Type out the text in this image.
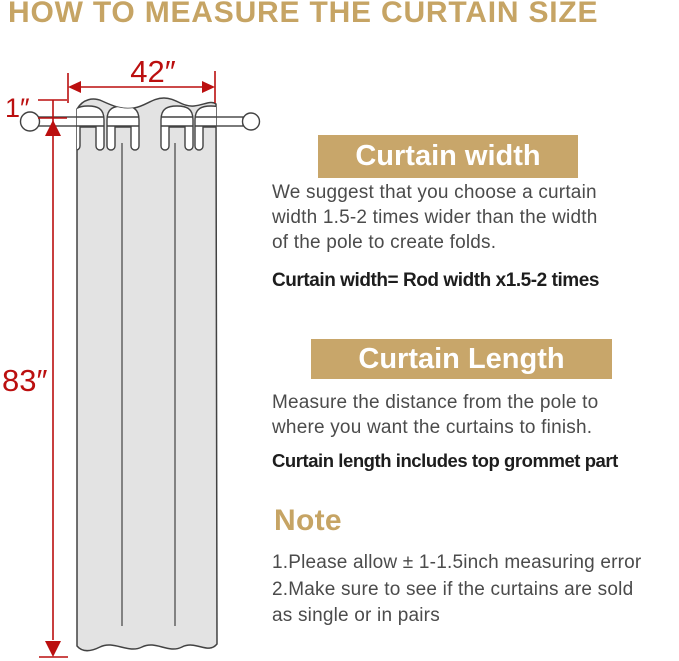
HOW TO MEASURE THE CURTAIN SIZE
42″
1″
83″
Curtain width
We suggest that you choose a curtain
width 1.5-2 times wider than the width
of the pole to create folds.
Curtain width= Rod width x1.5-2 times
Curtain Length
Measure the distance from the pole to
where you want the curtains to finish.
Curtain length includes top grommet part
Note
1.Please allow ± 1-1.5inch measuring error
2.Make sure to see if the curtains are sold
as single or in pairs
